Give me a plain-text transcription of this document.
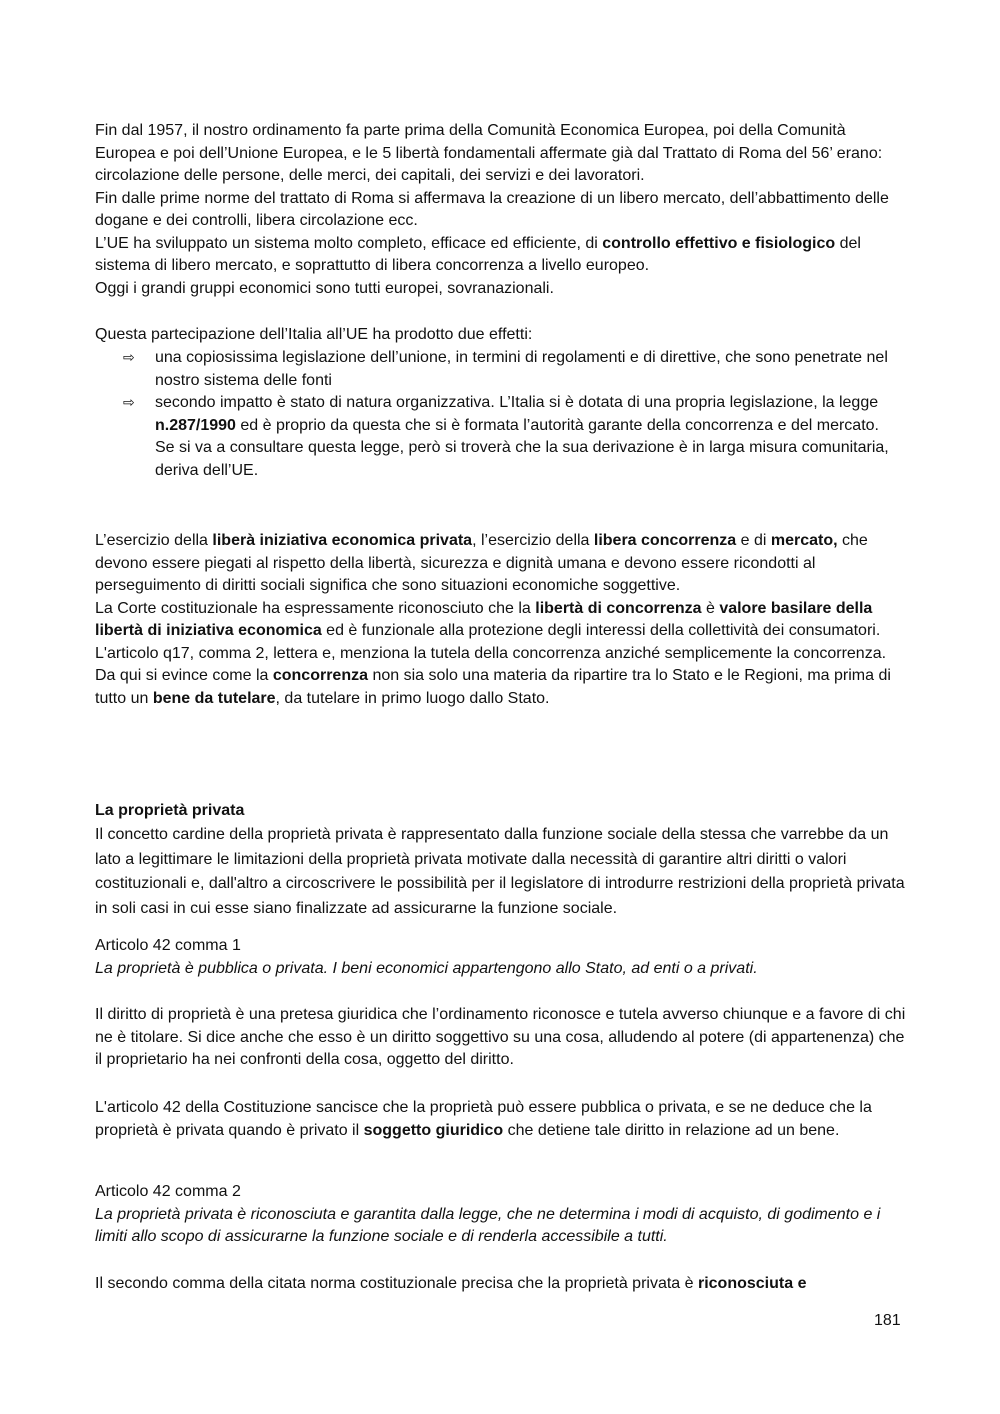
Fin dal 1957, il nostro ordinamento fa parte prima della Comunità Economica Europea, poi della Comunità Europea e poi dell’Unione Europea, e le 5 libertà fondamentali affermate già dal Trattato di Roma del 56’ erano: circolazione delle persone, delle merci, dei capitali, dei servizi e dei lavoratori.
Fin dalle prime norme del trattato di Roma si affermava la creazione di un libero mercato, dell’abbattimento delle dogane e dei controlli, libera circolazione ecc.
L’UE ha sviluppato un sistema molto completo, efficace ed efficiente, di controllo effettivo e fisiologico del sistema di libero mercato, e soprattutto di libera concorrenza a livello europeo.
Oggi i grandi gruppi economici sono tutti europei, sovranazionali.

Questa partecipazione dell’Italia all’UE ha prodotto due effetti:

⇨ una copiosissima legislazione dell’unione, in termini di regolamenti e di direttive, che sono penetrate nel nostro sistema delle fonti
⇨ secondo impatto è stato di natura organizzativa. L’Italia si è dotata di una propria legislazione, la legge n.287/1990 ed è proprio da questa che si è formata l’autorità garante della concorrenza e del mercato.
Se si va a consultare questa legge, però si troverà che la sua derivazione è in larga misura comunitaria, deriva dell’UE.

L’esercizio della liberà iniziativa economica privata, l’esercizio della libera concorrenza e di mercato, che devono essere piegati al rispetto della libertà, sicurezza e dignità umana e devono essere ricondotti al perseguimento di diritti sociali significa che sono situazioni economiche soggettive.
La Corte costituzionale ha espressamente riconosciuto che la libertà di concorrenza è valore basilare della libertà di iniziativa economica ed è funzionale alla protezione degli interessi della collettività dei consumatori.
L'articolo q17, comma 2, lettera e, menziona la tutela della concorrenza anziché semplicemente la concorrenza.
Da qui si evince come la concorrenza non sia solo una materia da ripartire tra lo Stato e le Regioni, ma prima di tutto un bene da tutelare, da tutelare in primo luogo dallo Stato.

La proprietà privata

Il concetto cardine della proprietà privata è rappresentato dalla funzione sociale della stessa che varrebbe da un lato a legittimare le limitazioni della proprietà privata motivate dalla necessità di garantire altri diritti o valori costituzionali e, dall'altro a circoscrivere le possibilità per il legislatore di introdurre restrizioni della proprietà privata in soli casi in cui esse siano finalizzate ad assicurarne la funzione sociale.

Articolo 42 comma 1
La proprietà è pubblica o privata. I beni economici appartengono allo Stato, ad enti o a privati.

Il diritto di proprietà è una pretesa giuridica che l’ordinamento riconosce e tutela avverso chiunque e a favore di chi ne è titolare. Si dice anche che esso è un diritto soggettivo su una cosa, alludendo al potere (di appartenenza) che il proprietario ha nei confronti della cosa, oggetto del diritto.

L'articolo 42 della Costituzione sancisce che la proprietà può essere pubblica o privata, e se ne deduce che la proprietà è privata quando è privato il soggetto giuridico che detiene tale diritto in relazione ad un bene.

Articolo 42 comma 2
La proprietà privata è riconosciuta e garantita dalla legge, che ne determina i modi di acquisto, di godimento e i limiti allo scopo di assicurarne la funzione sociale e di renderla accessibile a tutti.

Il secondo comma della citata norma costituzionale precisa che la proprietà privata è riconosciuta e

181
